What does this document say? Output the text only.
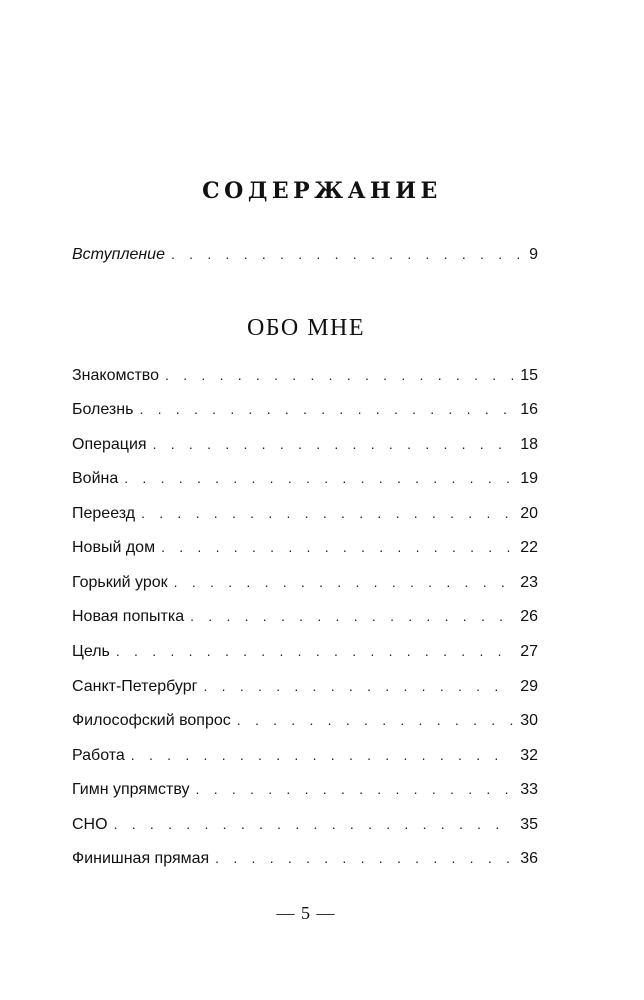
СОДЕРЖАНИЕ
Вступление . . .	9
ОБО МНЕ
Знакомство . . .	15
Болезнь . . .	16
Операция . . .	18
Война . . .	19
Переезд . . .	20
Новый дом . . .	22
Горький урок . . .	23
Новая попытка . . .	26
Цель . . .	27
Санкт-Петербург . . .	29
Философский вопрос . . .	30
Работа . . .	32
Гимн упрямству . . .	33
СНО . . .	35
Финишная прямая . . .	36
— 5 —
